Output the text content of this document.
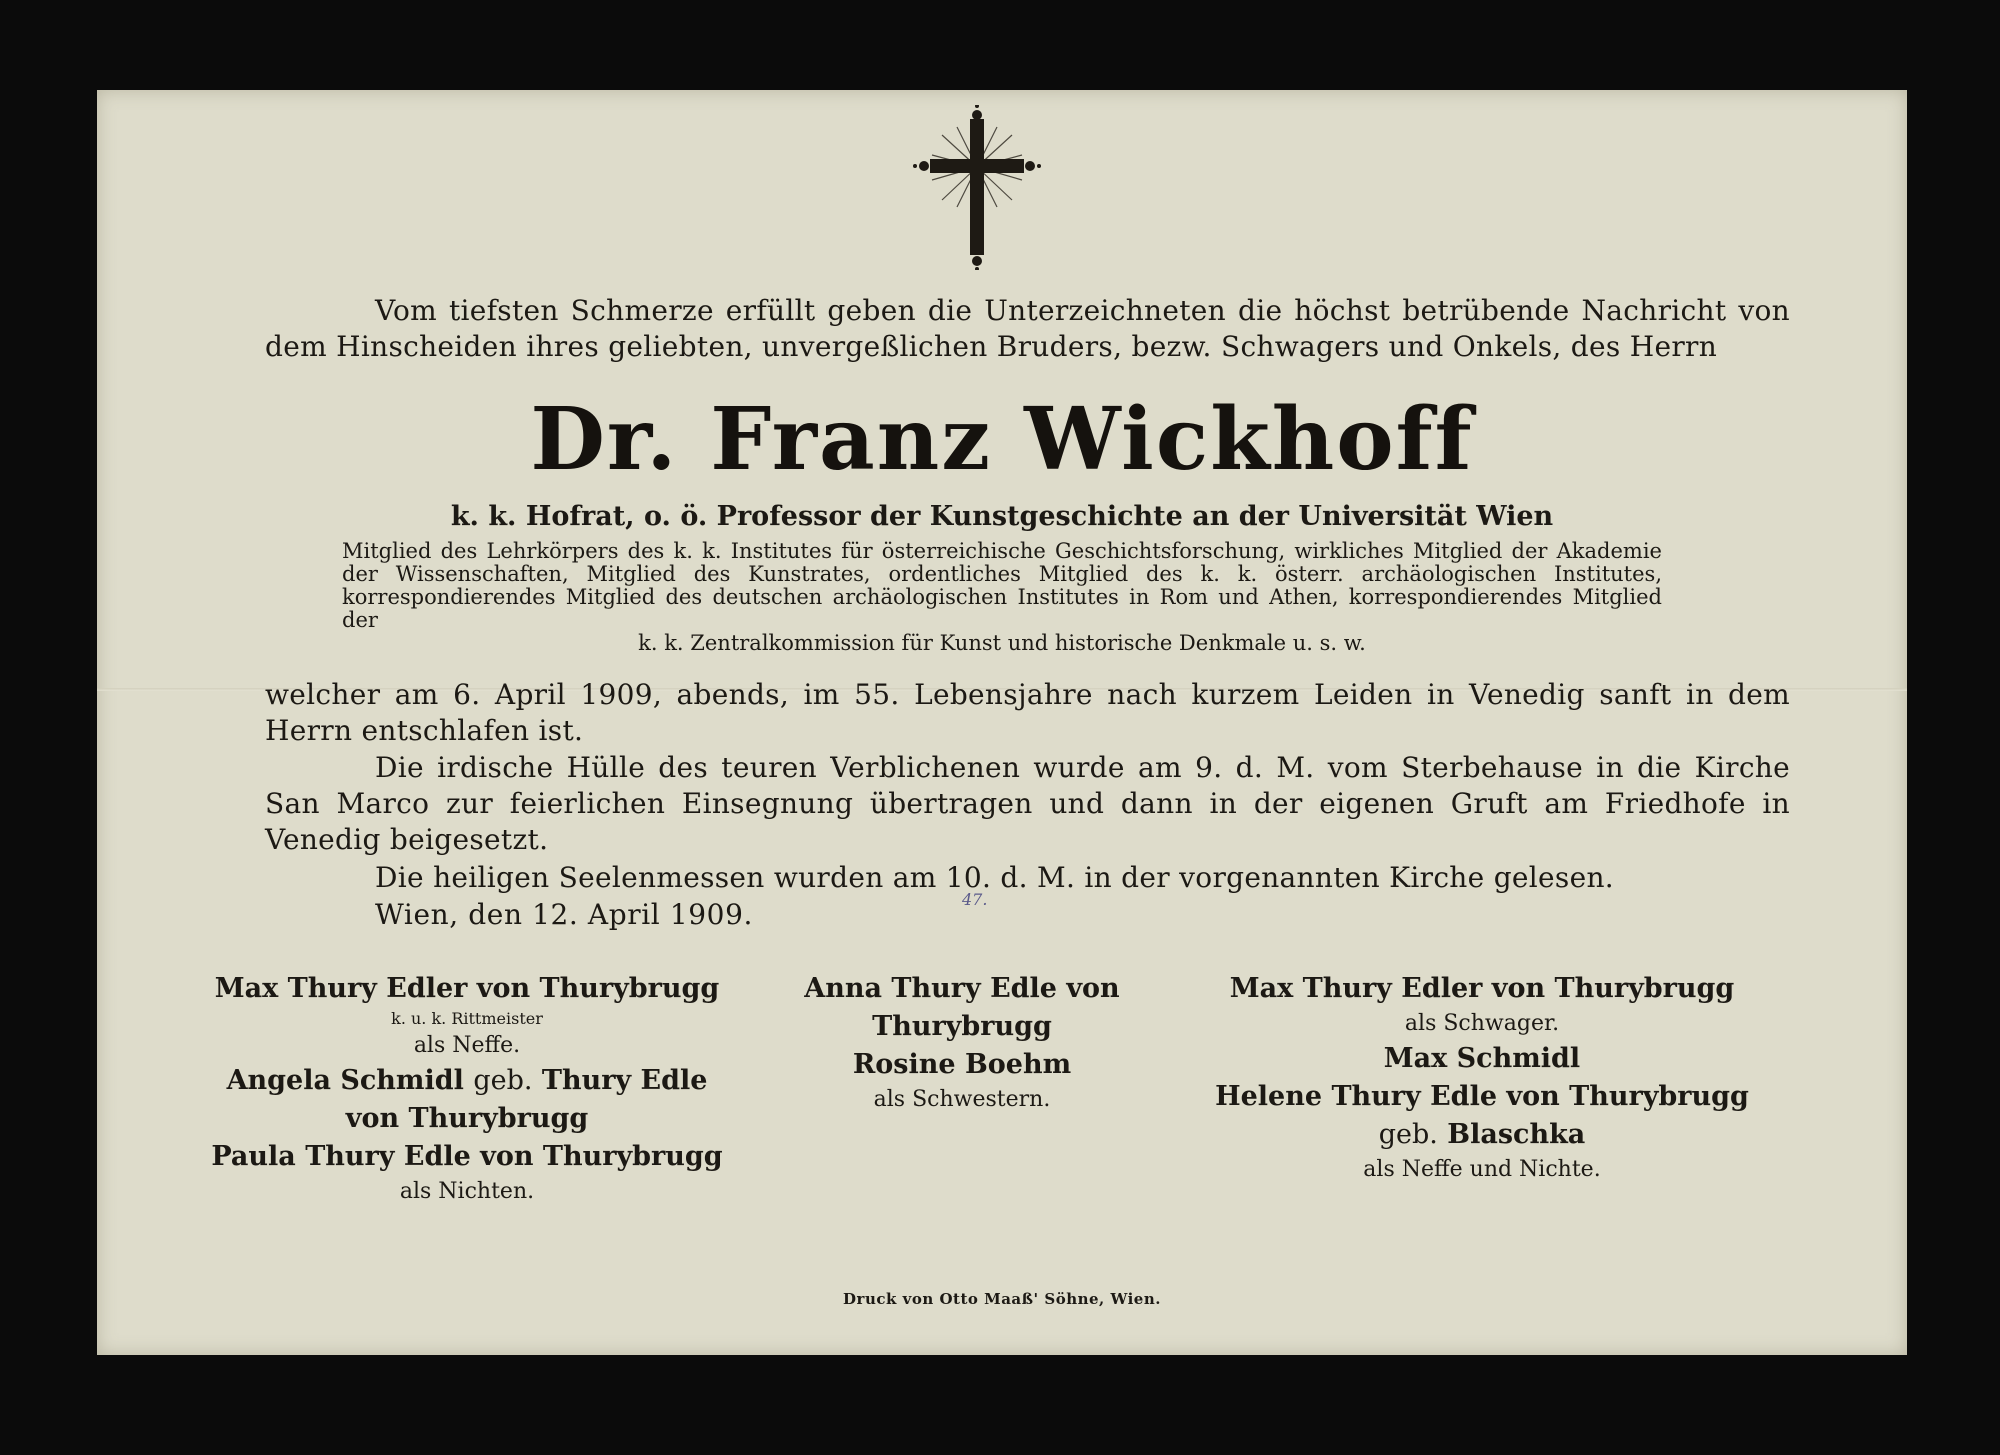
Vom tiefsten Schmerze erfüllt geben die Unterzeichneten die höchst betrübende Nachricht von dem Hinscheiden ihres geliebten, unvergeßlichen Bruders, bezw. Schwagers und Onkels, des Herrn
Dr. Franz Wickhoff
k. k. Hofrat, o. ö. Professor der Kunstgeschichte an der Universität Wien
Mitglied des Lehrkörpers des k. k. Institutes für österreichische Geschichtsforschung, wirkliches Mitglied der Akademie der Wissenschaften, Mitglied des Kunstrates, ordentliches Mitglied des k. k. österr. archäologischen Institutes, korrespondierendes Mitglied des deutschen archäologischen Institutes in Rom und Athen, korrespondierendes Mitglied der
k. k. Zentralkommission für Kunst und historische Denkmale u. s. w.
welcher am 6. April 1909, abends, im 55. Lebensjahre nach kurzem Leiden in Venedig sanft in dem Herrn entschlafen ist.
Die irdische Hülle des teuren Verblichenen wurde am 9. d. M. vom Sterbehause in die Kirche San Marco zur feierlichen Einsegnung übertragen und dann in der eigenen Gruft am Friedhofe in Venedig beigesetzt.
Die heiligen Seelenmessen wurden am 10. d. M. in der vorgenannten Kirche gelesen.
Wien, den 12. April 1909.	47.
Max Thury Edler von Thurybrugg
k. u. k. Rittmeister
als Neffe.
Angela Schmidl geb. Thury Edle
von Thurybrugg
Paula Thury Edle von Thurybrugg
als Nichten.
Anna Thury Edle von
Thurybrugg
Rosine Boehm
als Schwestern.
Max Thury Edler von Thurybrugg
als Schwager.
Max Schmidl
Helene Thury Edle von Thurybrugg
geb. Blaschka
als Neffe und Nichte.
Druck von Otto Maaß' Söhne, Wien.
